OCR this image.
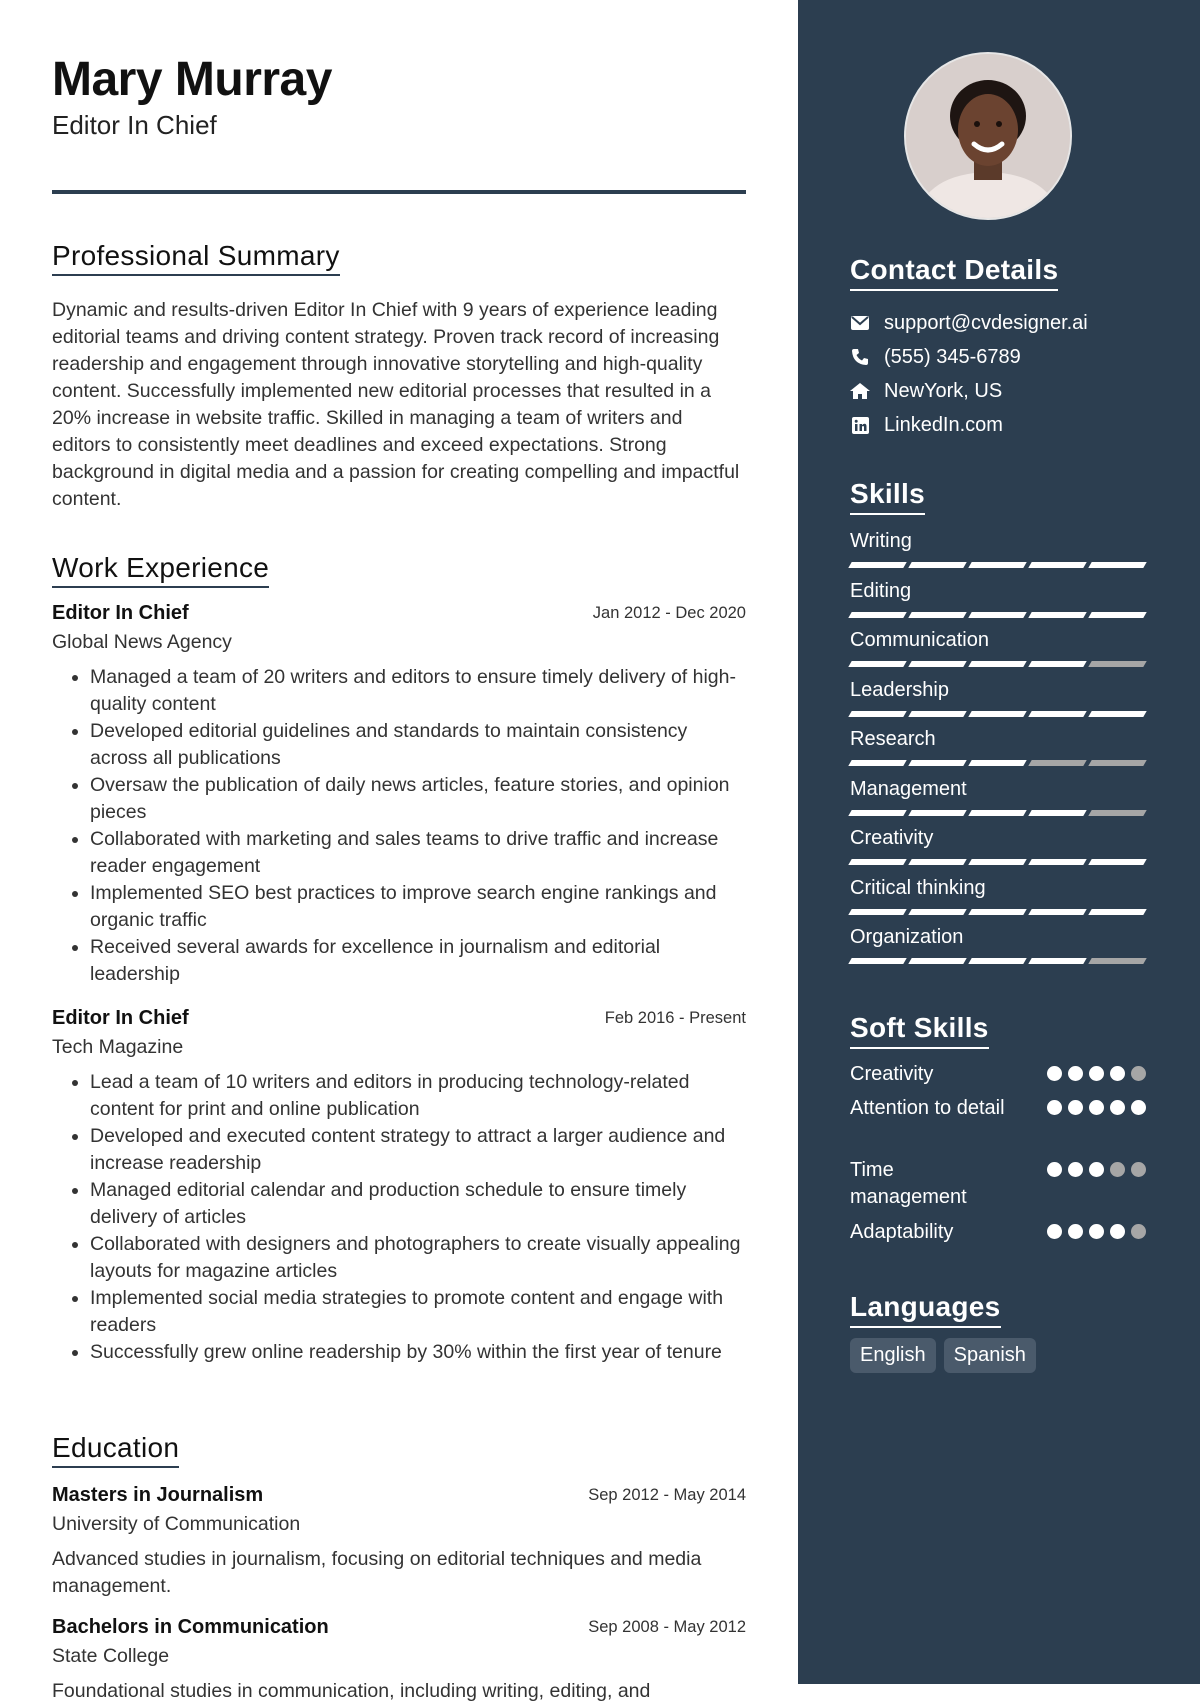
Mary Murray
Editor In Chief
Professional Summary

Dynamic and results-driven Editor In Chief with 9 years of experience leading editorial teams and driving content strategy. Proven track record of increasing readership and engagement through innovative storytelling and high-quality content. Successfully implemented new editorial processes that resulted in a 20% increase in website traffic. Skilled in managing a team of writers and editors to consistently meet deadlines and exceed expectations. Strong background in digital media and a passion for creating compelling and impactful content.

Work Experience
Editor In Chief	Jan 2012 - Dec 2020
Global News Agency
• Managed a team of 20 writers and editors to ensure timely delivery of high-quality content
• Developed editorial guidelines and standards to maintain consistency across all publications
• Oversaw the publication of daily news articles, feature stories, and opinion pieces
• Collaborated with marketing and sales teams to drive traffic and increase reader engagement
• Implemented SEO best practices to improve search engine rankings and organic traffic
• Received several awards for excellence in journalism and editorial leadership
Editor In Chief	Feb 2016 - Present
Tech Magazine
• Lead a team of 10 writers and editors in producing technology-related content for print and online publication
• Developed and executed content strategy to attract a larger audience and increase readership
• Managed editorial calendar and production schedule to ensure timely delivery of articles
• Collaborated with designers and photographers to create visually appealing layouts for magazine articles
• Implemented social media strategies to promote content and engage with readers
• Successfully grew online readership by 30% within the first year of tenure
Education
Masters in Journalism	Sep 2012 - May 2014
University of Communication

Advanced studies in journalism, focusing on editorial techniques and media management.

Bachelors in Communication	Sep 2008 - May 2012
State College

Foundational studies in communication, including writing, editing, and

Contact Details
support@cvdesigner.ai
(555) 345-6789
NewYork, US
LinkedIn.com
Skills
Writing
Editing
Communication
Leadership
Research
Management
Creativity
Critical thinking
Organization
Soft Skills
Creativity
Attention to detail
Time management
Adaptability
Languages
English	Spanish
